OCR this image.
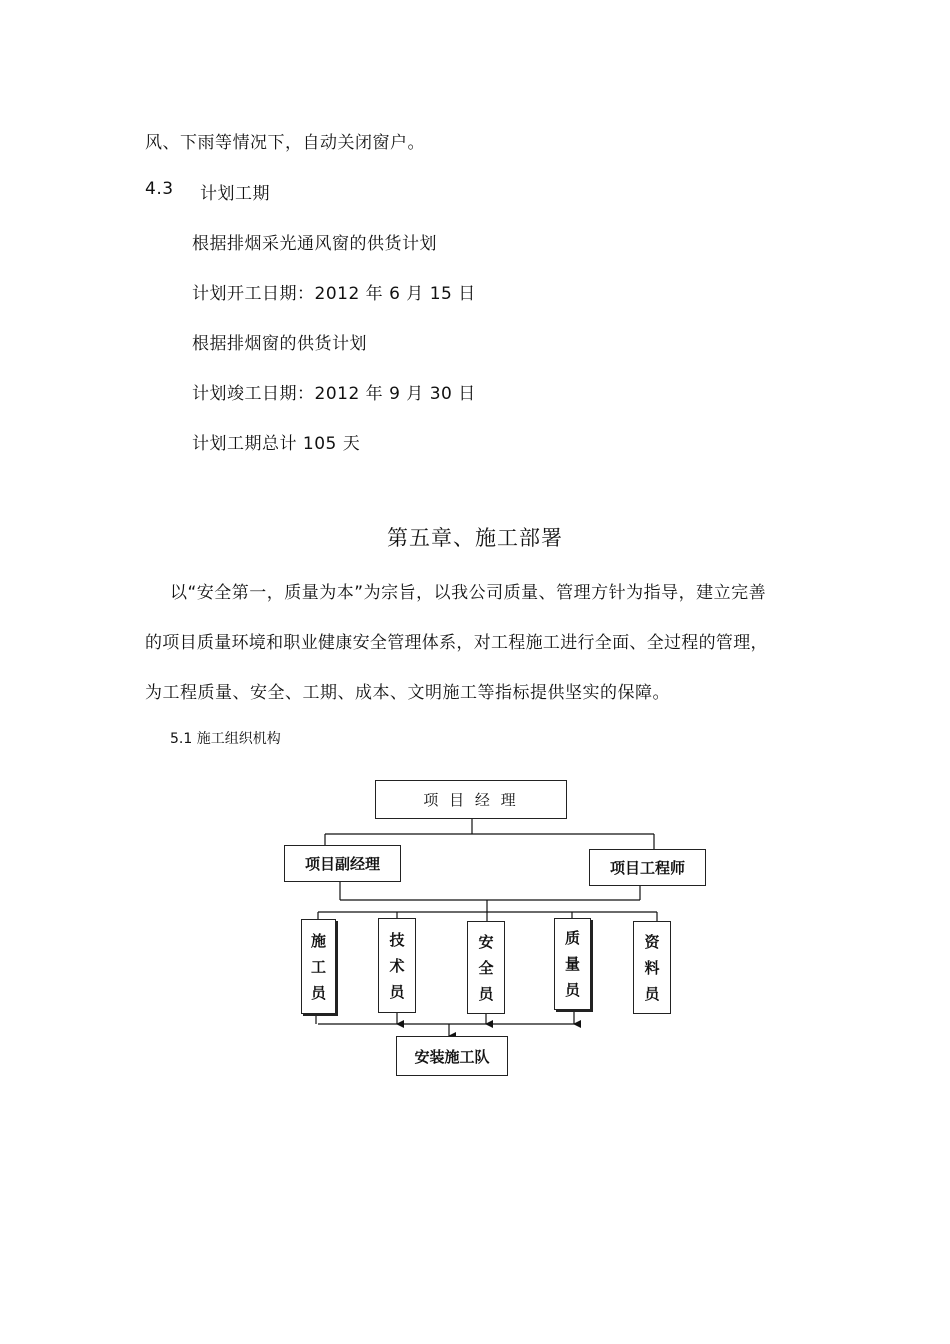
风、下雨等情况下，自动关闭窗户。
4.3 计划工期
根据排烟采光通风窗的供货计划
计划开工日期：2012 年 6 月 15 日
根据排烟窗的供货计划
计划竣工日期：2012 年 9 月 30 日
计划工期总计 105 天
第五章、施工部署
以“安全第一，质量为本”为宗旨，以我公司质量、管理方针为指导，建立完善
的项目质量环境和职业健康安全管理体系，对工程施工进行全面、全过程的管理，
为工程质量、安全、工期、成本、文明施工等指标提供坚实的保障。
5.1 施工组织机构
项 目 经 理
项目副经理	项目工程师
施
工
员
技
术
员
安
全
员
质
量
员
资
料
员
安装施工队
